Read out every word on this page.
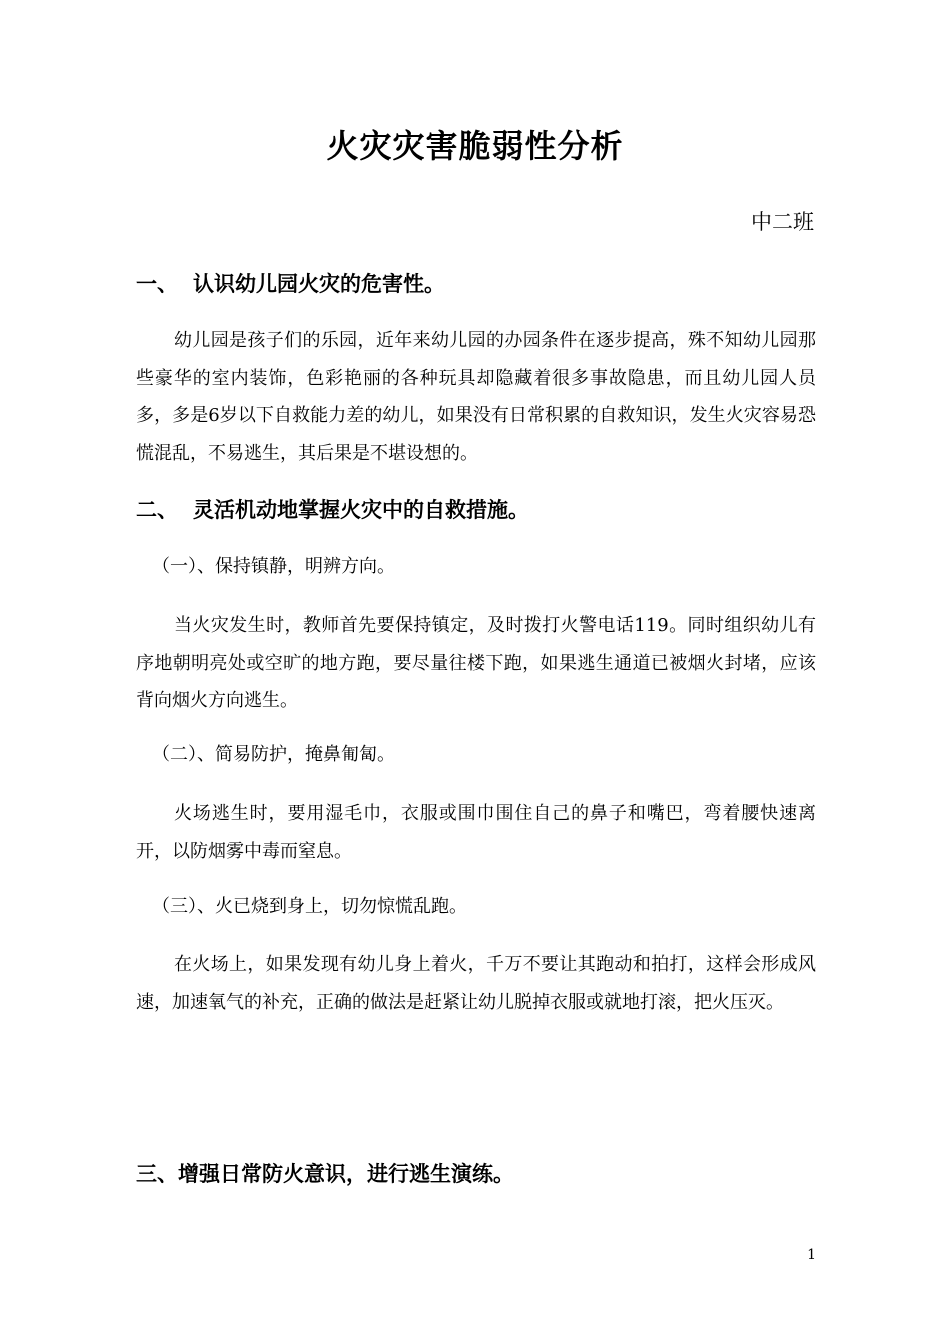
火灾灾害脆弱性分析
中二班
一、 认识幼儿园火灾的危害性。
幼儿园是孩子们的乐园，近年来幼儿园的办园条件在逐步提高，殊不知幼儿园那些豪华的室内装饰，色彩艳丽的各种玩具却隐藏着很多事故隐患，而且幼儿园人员多，多是6岁以下自救能力差的幼儿，如果没有日常积累的自救知识，发生火灾容易恐慌混乱，不易逃生，其后果是不堪设想的。
二、 灵活机动地掌握火灾中的自救措施。
（一）、保持镇静，明辨方向。
当火灾发生时，教师首先要保持镇定，及时拨打火警电话119。同时组织幼儿有序地朝明亮处或空旷的地方跑，要尽量往楼下跑，如果逃生通道已被烟火封堵，应该背向烟火方向逃生。
（二）、简易防护，掩鼻匍匐。
火场逃生时，要用湿毛巾，衣服或围巾围住自己的鼻子和嘴巴，弯着腰快速离开，以防烟雾中毒而窒息。
（三）、火已烧到身上，切勿惊慌乱跑。
在火场上，如果发现有幼儿身上着火，千万不要让其跑动和拍打，这样会形成风速，加速氧气的补充，正确的做法是赶紧让幼儿脱掉衣服或就地打滚，把火压灭。
三、增强日常防火意识，进行逃生演练。
1
